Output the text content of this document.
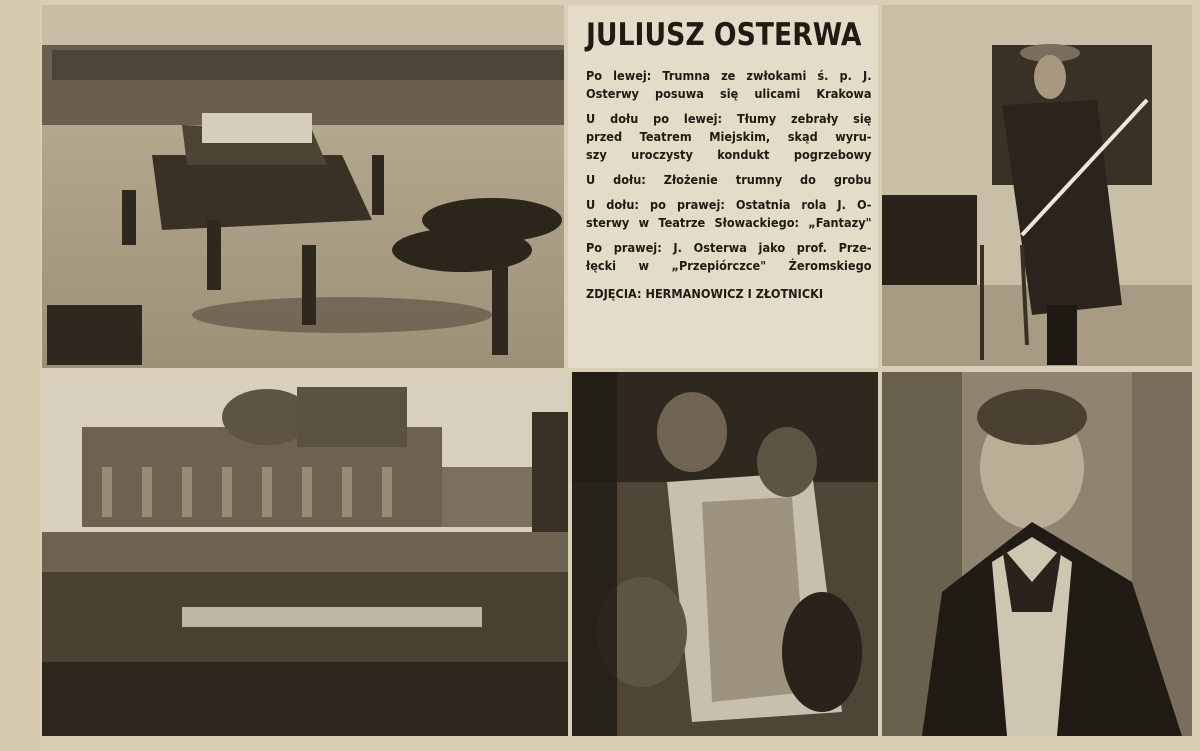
JULIUSZ OSTERWA

Po lewej: Trumna ze zwłokami ś. p. J.
Osterwy posuwa się ulicami Krakowa

U dołu po lewej: Tłumy zebrały się
przed Teatrem Miejskim, skąd wyru-
szy uroczysty kondukt pogrzebowy

U dołu: Złożenie trumny do grobu

U dołu: po prawej: Ostatnia rola J. O-
sterwy w Teatrze Słowackiego: „Fantazy"

Po prawej: J. Osterwa jako prof. Prze-
łęcki w „Przepiórczce" Żeromskiego

ZDJĘCIA: HERMANOWICZ I ZŁOTNICKI
